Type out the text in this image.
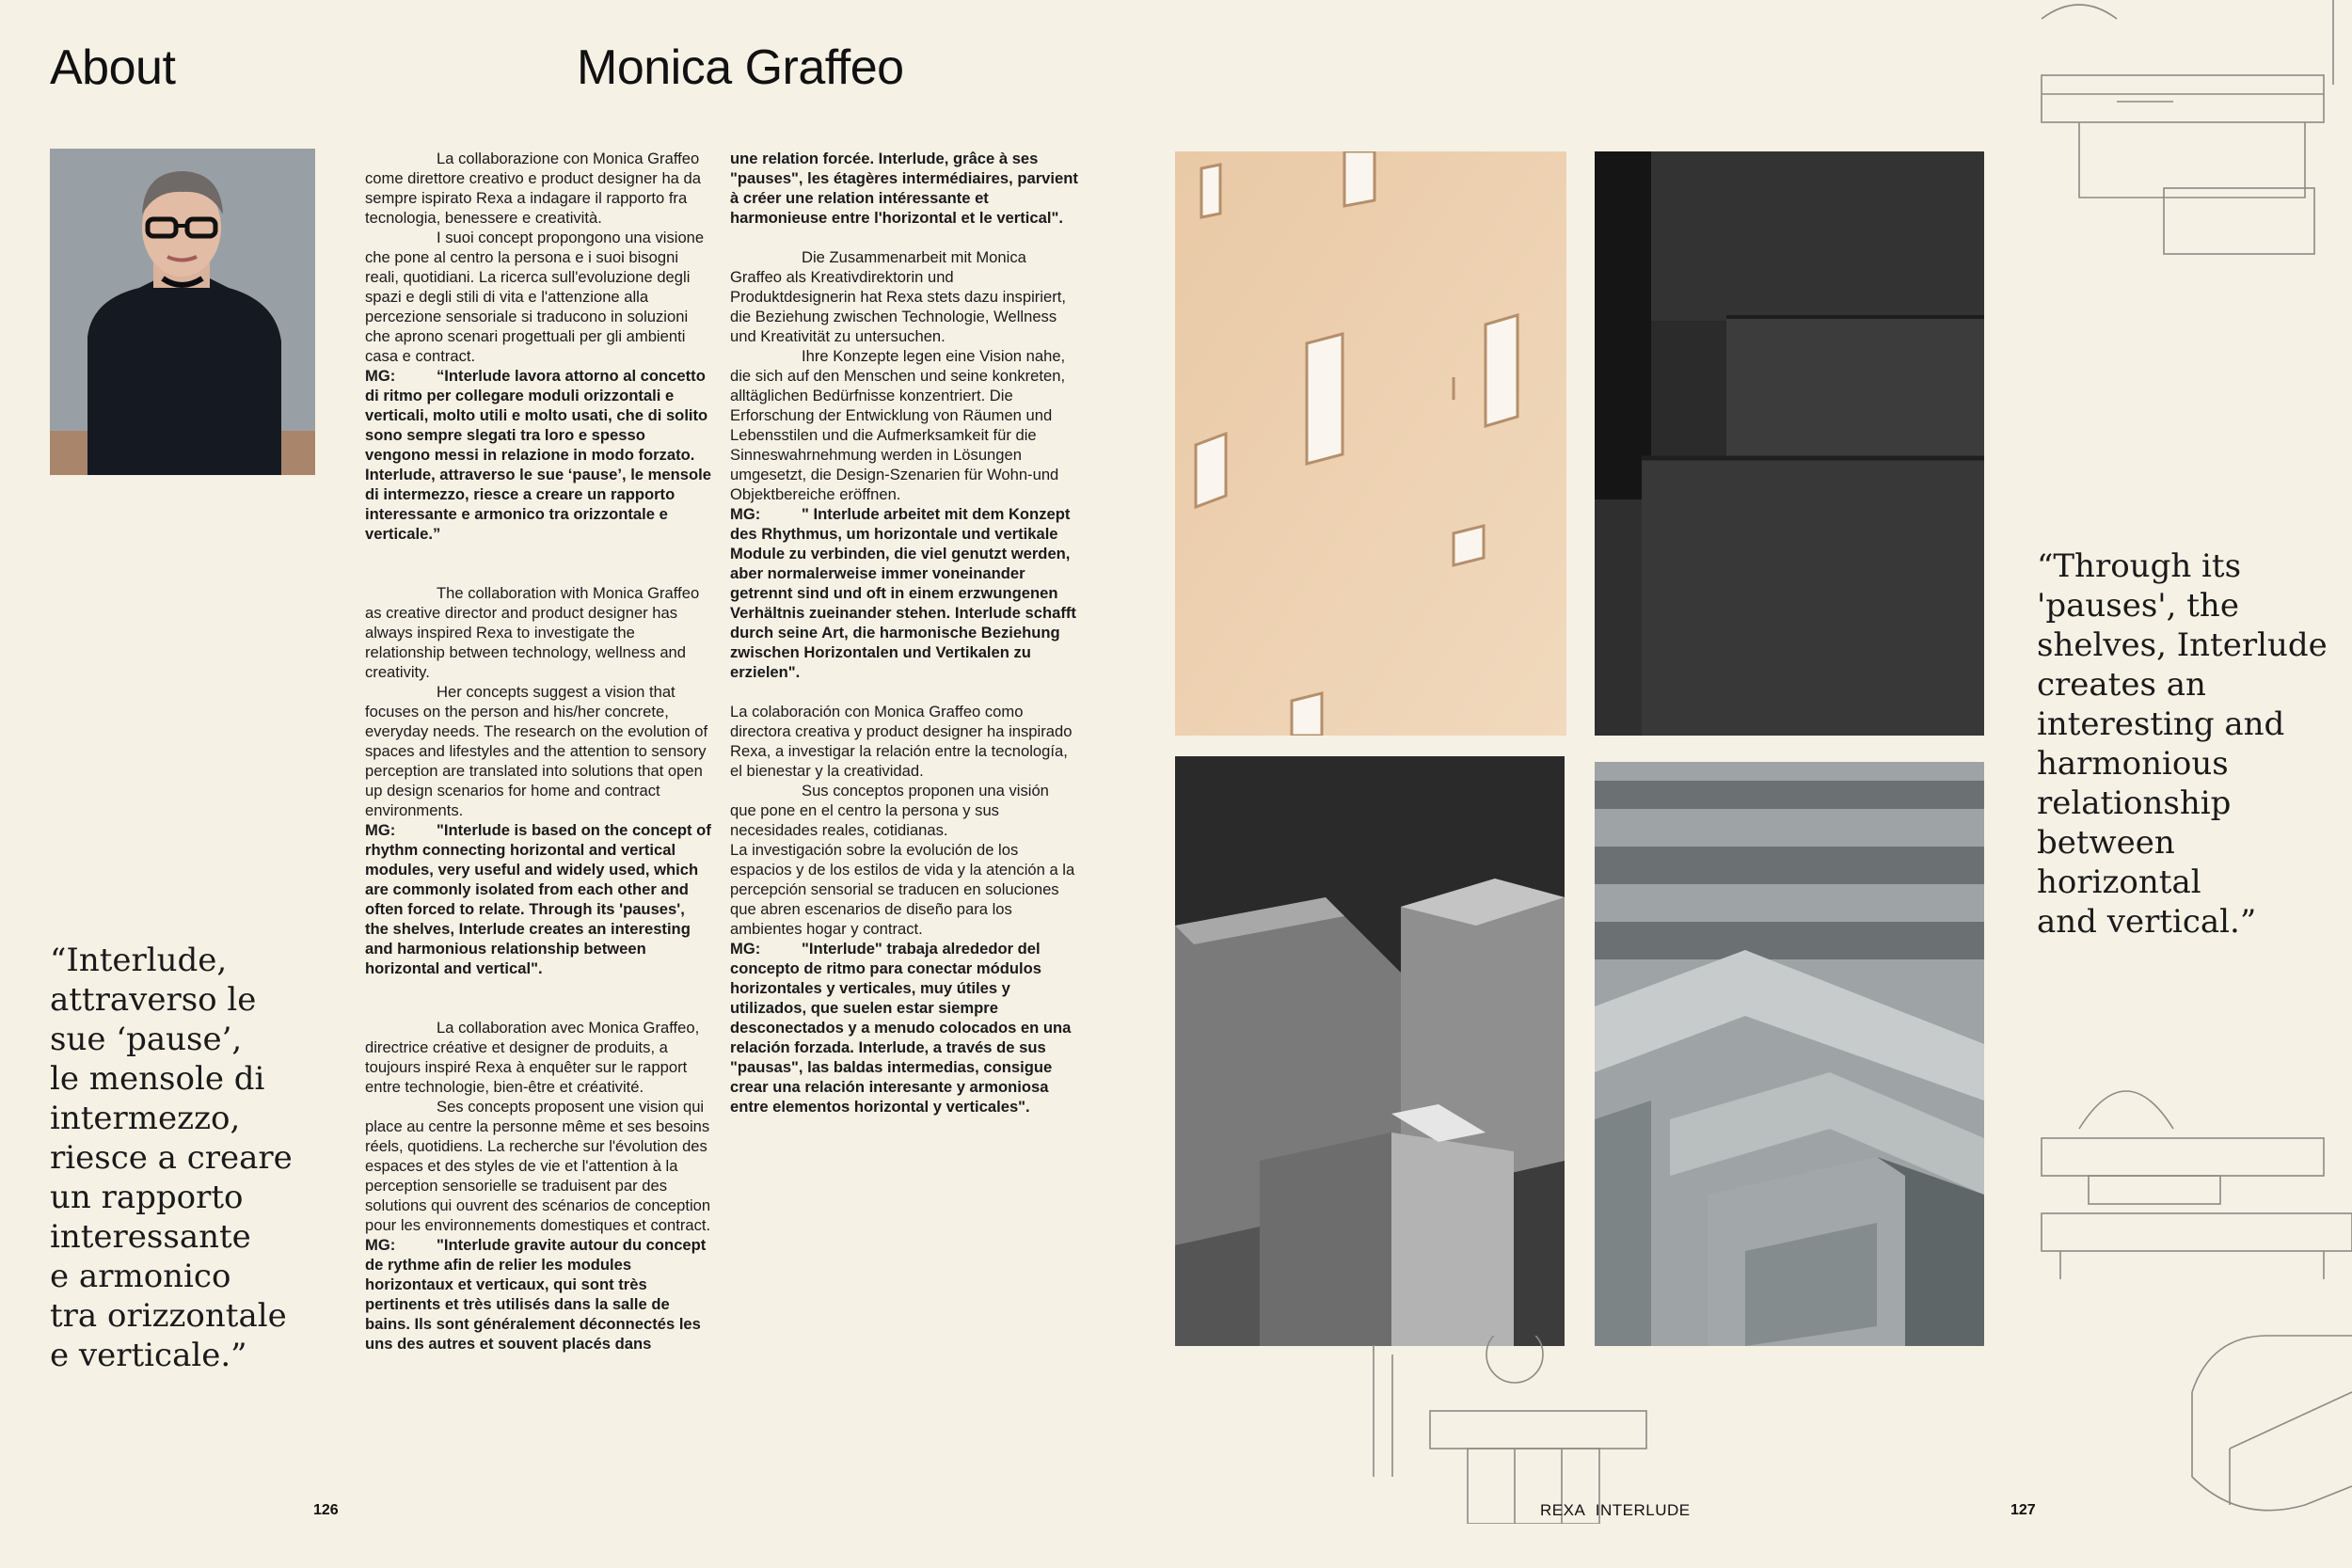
About	Monica Graffeo

La collaborazione con Monica Graffeo come direttore creativo e product designer ha da sempre ispirato Rexa a indagare il rapporto fra tecnologia, benessere e creatività.

I suoi concept propongono una visione che pone al centro la persona e i suoi bisogni reali, quotidiani. La ricerca sull'evoluzione degli spazi e degli stili di vita e l'attenzione alla percezione sensoriale si traducono in soluzioni che aprono scenari progettuali per gli ambienti casa e contract.

MG:	“Interlude lavora attorno al concetto di ritmo per collegare moduli orizzontali e verticali, molto utili e molto usati, che di solito sono sempre slegati tra loro e spesso vengono messi in relazione in modo forzato. Interlude, attraverso le sue ‘pause’, le mensole di intermezzo, riesce a creare un rapporto interessante e armonico tra orizzontale e verticale.”

The collaboration with Monica Graffeo as creative director and product designer has always inspired Rexa to investigate the relationship between technology, wellness and creativity.

Her concepts suggest a vision that focuses on the person and his/her concrete, everyday needs. The research on the evolution of spaces and lifestyles and the attention to sensory perception are translated into solutions that open up design scenarios for home and contract environments.

MG:	"Interlude is based on the concept of rhythm connecting horizontal and vertical modules, very useful and widely used, which are commonly isolated from each other and often forced to relate. Through its 'pauses', the shelves, Interlude creates an interesting and harmonious relationship between horizontal and vertical".

La collaboration avec Monica Graffeo, directrice créative et designer de produits, a toujours inspiré Rexa à enquêter sur le rapport entre technologie, bien-être et créativité.

Ses concepts proposent une vision qui place au centre la personne même et ses besoins réels, quotidiens. La recherche sur l'évolution des espaces et des styles de vie et l'attention à la perception sensorielle se traduisent par des solutions qui ouvrent des scénarios de conception pour les environnements domestiques et contract.

MG:	"Interlude gravite autour du concept de rythme afin de relier les modules horizontaux et verticaux, qui sont très pertinents et très utilisés dans la salle de bains. Ils sont généralement déconnectés les uns des autres et souvent placés dans

une relation forcée. Interlude, grâce à ses "pauses", les étagères intermédiaires, parvient à créer une relation intéressante et harmonieuse entre l'horizontal et le vertical".

Die Zusammenarbeit mit Monica Graffeo als Kreativdirektorin und Produktdesignerin hat Rexa stets dazu inspiriert, die Beziehung zwischen Technologie, Wellness und Kreativität zu untersuchen.

Ihre Konzepte legen eine Vision nahe, die sich auf den Menschen und seine konkreten, alltäglichen Bedürfnisse konzentriert. Die Erforschung der Entwicklung von Räumen und Lebensstilen und die Aufmerksamkeit für die Sinneswahrnehmung werden in Lösungen umgesetzt, die Design-Szenarien für Wohn-und Objektbereiche eröffnen.

MG:	" Interlude arbeitet mit dem Konzept des Rhythmus, um horizontale und vertikale Module zu verbinden, die viel genutzt werden, aber normalerweise immer voneinander getrennt sind und oft in einem erzwungenen Verhältnis zueinander stehen. Interlude schafft durch seine Art, die harmonische Beziehung zwischen Horizontalen und Vertikalen zu erzielen".

La colaboración con Monica Graffeo como directora creativa y product designer ha inspirado Rexa, a investigar la relación entre la tecnología, el bienestar y la creatividad.

Sus conceptos proponen una visión que pone en el centro la persona y sus necesidades reales, cotidianas.

La investigación sobre la evolución de los espacios y de los estilos de vida y la atención a la percepción sensorial se traducen en soluciones que abren escenarios de diseño para los ambientes hogar y contract.

MG:	"Interlude" trabaja alrededor del concepto de ritmo para conectar módulos horizontales y verticales, muy útiles y utilizados, que suelen estar siempre desconectados y a menudo colocados en una relación forzada. Interlude, a través de sus "pausas", las baldas intermedias, consigue crear una relación interesante y armoniosa entre elementos horizontal y verticales".

“Interlude,
attraverso le
sue ‘pause’,
le mensole di
intermezzo,
riesce a creare
un rapporto
interessante
e armonico
tra orizzontale
e verticale.”
“Through its
'pauses', the
shelves, Interlude
creates an
interesting and
harmonious
relationship
between
horizontal
and vertical.”
126	REXA INTERLUDE	127
